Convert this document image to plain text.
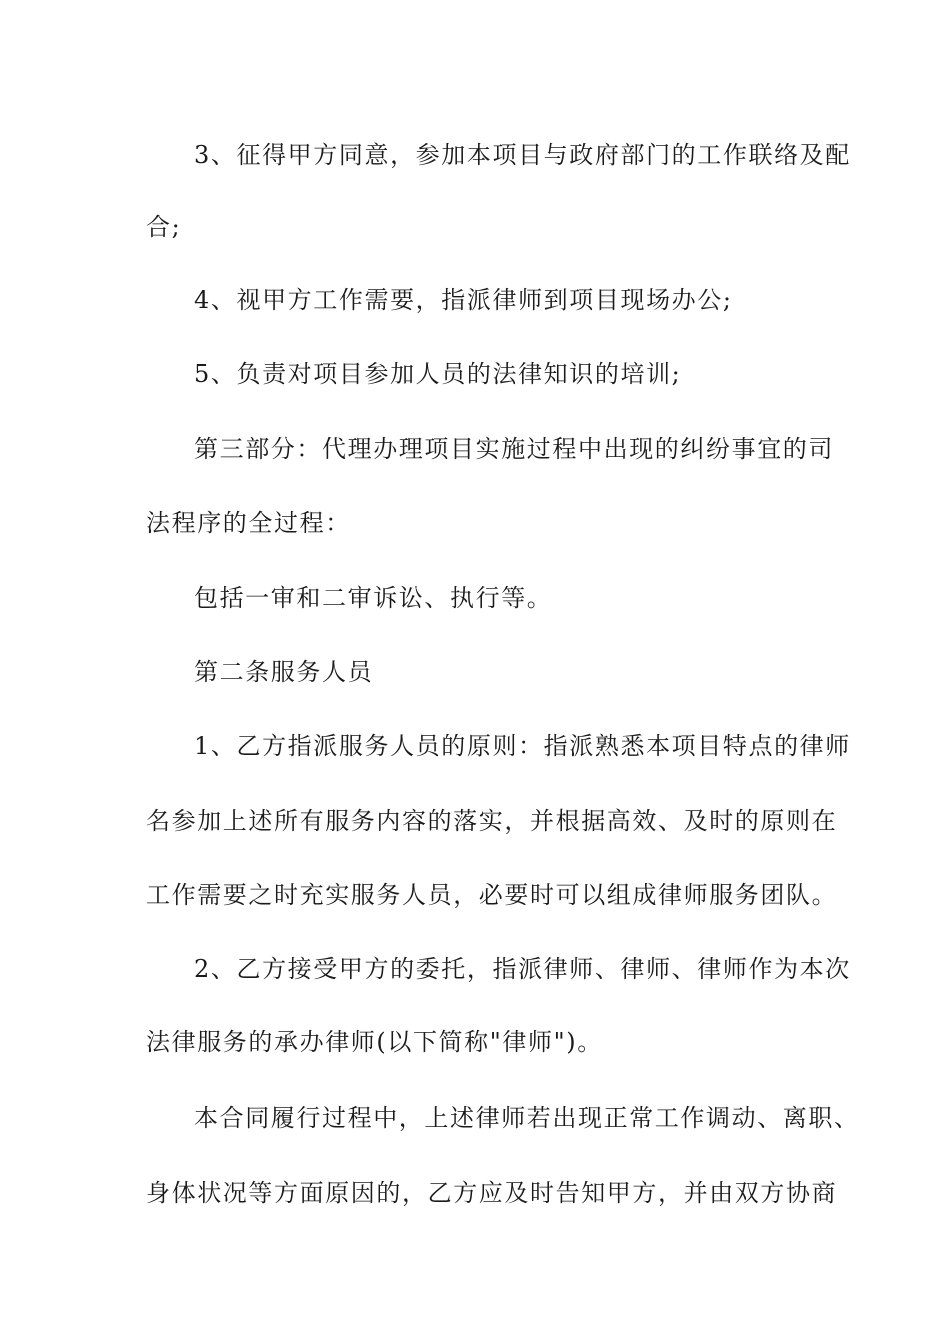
3、征得甲方同意，参加本项目与政府部门的工作联络及配
合;
4、视甲方工作需要，指派律师到项目现场办公;
5、负责对项目参加人员的法律知识的培训;
第三部分：代理办理项目实施过程中出现的纠纷事宜的司
法程序的全过程：
包括一审和二审诉讼、执行等。
第二条服务人员
1、乙方指派服务人员的原则：指派熟悉本项目特点的律师
名参加上述所有服务内容的落实，并根据高效、及时的原则在
工作需要之时充实服务人员，必要时可以组成律师服务团队。
2、乙方接受甲方的委托，指派律师、律师、律师作为本次
法律服务的承办律师(以下简称"律师")。
本合同履行过程中，上述律师若出现正常工作调动、离职、
身体状况等方面原因的，乙方应及时告知甲方，并由双方协商
